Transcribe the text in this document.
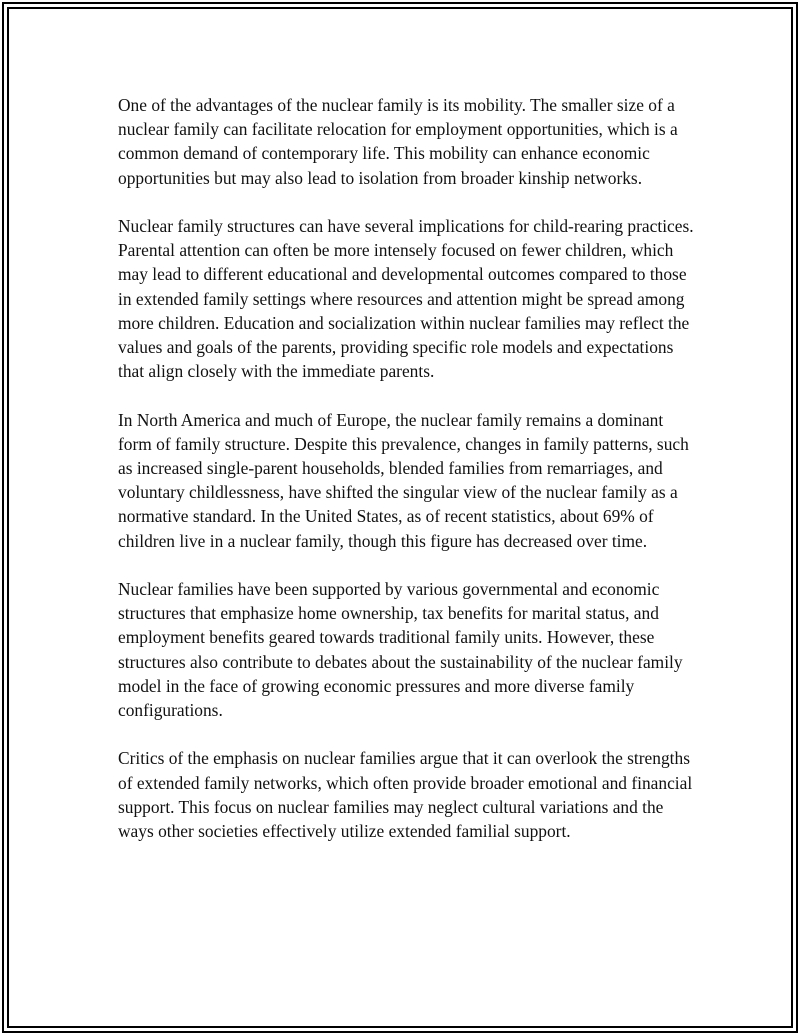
One of the advantages of the nuclear family is its mobility. The smaller size of a nuclear family can facilitate relocation for employment opportunities, which is a common demand of contemporary life. This mobility can enhance economic opportunities but may also lead to isolation from broader kinship networks.

Nuclear family structures can have several implications for child-rearing practices. Parental attention can often be more intensely focused on fewer children, which may lead to different educational and developmental outcomes compared to those in extended family settings where resources and attention might be spread among more children. Education and socialization within nuclear families may reflect the values and goals of the parents, providing specific role models and expectations that align closely with the immediate parents.

In North America and much of Europe, the nuclear family remains a dominant form of family structure. Despite this prevalence, changes in family patterns, such as increased single-parent households, blended families from remarriages, and voluntary childlessness, have shifted the singular view of the nuclear family as a normative standard. In the United States, as of recent statistics, about 69% of children live in a nuclear family, though this figure has decreased over time.

Nuclear families have been supported by various governmental and economic structures that emphasize home ownership, tax benefits for marital status, and employment benefits geared towards traditional family units. However, these structures also contribute to debates about the sustainability of the nuclear family model in the face of growing economic pressures and more diverse family configurations.

Critics of the emphasis on nuclear families argue that it can overlook the strengths of extended family networks, which often provide broader emotional and financial support. This focus on nuclear families may neglect cultural variations and the ways other societies effectively utilize extended familial support.
